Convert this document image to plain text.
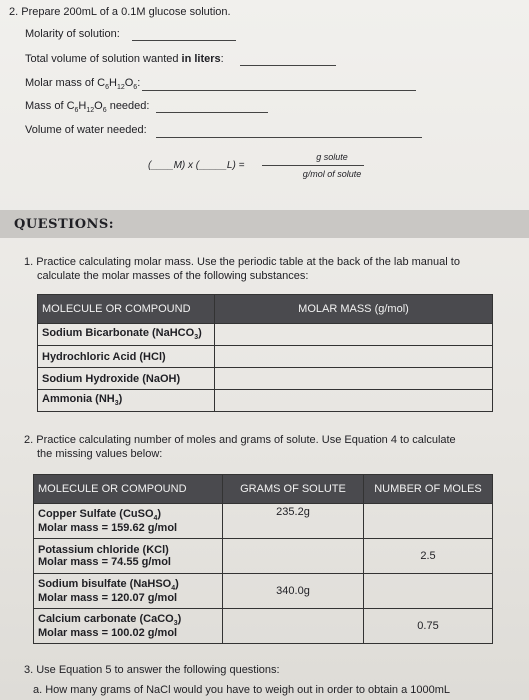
2. Prepare 200mL of a 0.1M glucose solution.
Molarity of solution:
Total volume of solution wanted in liters:
Molar mass of $C_6H_{12}O_6$:
Mass of $C_6H_{12}O_6$ needed:
Volume of water needed:
(____M) x (_____L) =
g solute
g/mol of solute
QUESTIONS:
1. Practice calculating molar mass. Use the periodic table at the back of the lab manual to
calculate the molar masses of the following substances:
MOLECULE OR COMPOUND	MOLAR MASS (g/mol)
Sodium Bicarbonate (NaHCO$_3$)	
Hydrochloric Acid (HCl)	
Sodium Hydroxide (NaOH)	
Ammonia $(NH_3)$	
2. Practice calculating number of moles and grams of solute. Use Equation 4 to calculate
the missing values below:
MOLECULE OR COMPOUND	GRAMS OF SOLUTE	NUMBER OF MOLES
Copper Sulfate (CuSO$_4$)
Molar mass = 159.62 g/mol	235.2g	
Potassium chloride (KCl)
Molar mass = 74.55 g/mol		2.5
Sodium bisulfate (NaHSO$_4$)
Molar mass = 120.07 g/mol	340.0g	
Calcium carbonate (CaCO$_3$)
Molar mass = 100.02 g/mol		0.75
3. Use Equation 5 to answer the following questions:
a. How many grams of NaCl would you have to weigh out in order to obtain a 1000mL
